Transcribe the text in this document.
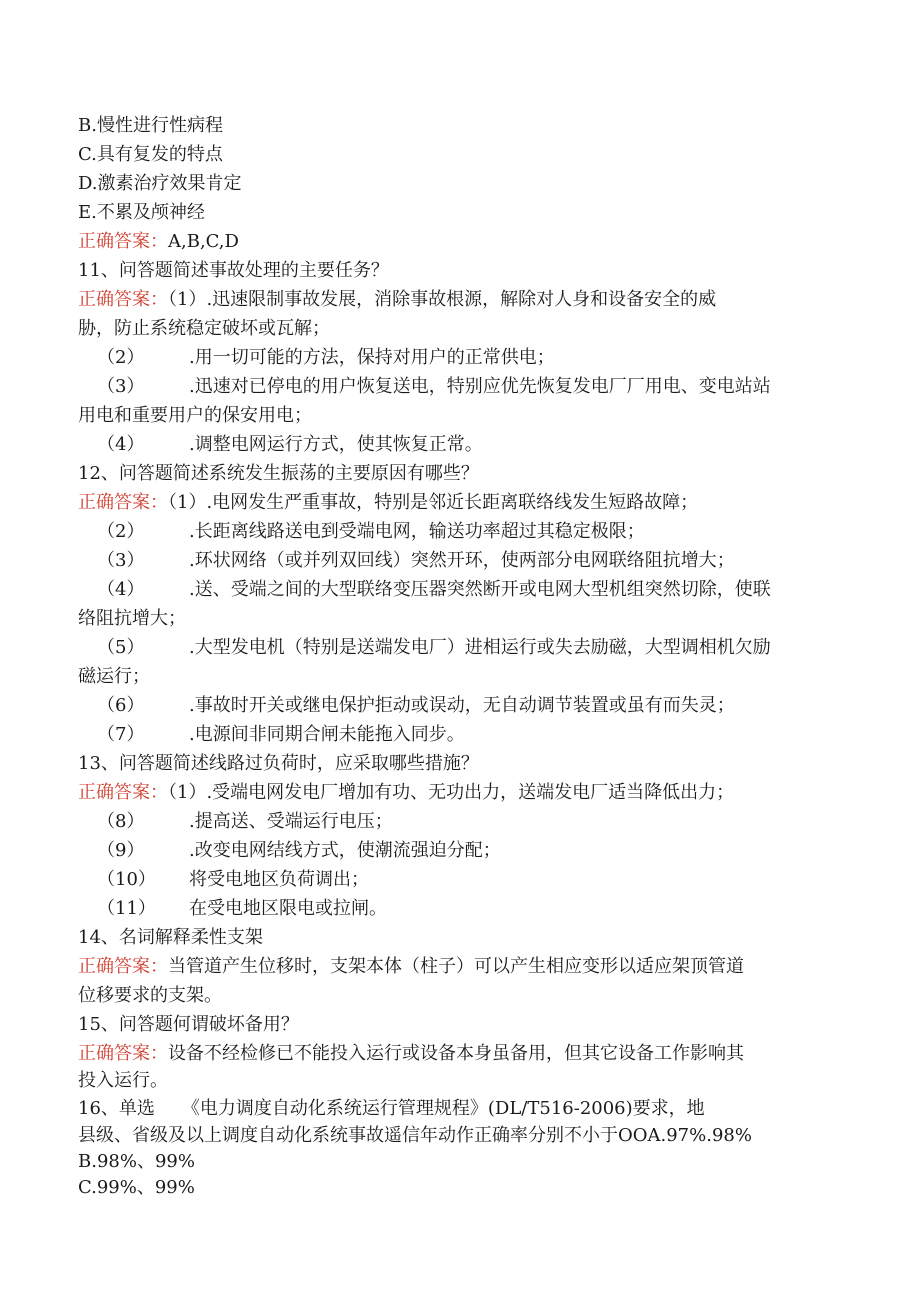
B.慢性进行性病程
C.具有复发的特点
D.激素治疗效果肯定
E.不累及颅神经
正确答案：A,B,C,D
11、问答题简述事故处理的主要任务？
正确答案：（1）.迅速限制事故发展，消除事故根源，解除对人身和设备安全的威
胁，防止系统稳定破坏或瓦解；
（2） .用一切可能的方法，保持对用户的正常供电；
（3） .迅速对已停电的用户恢复送电，特别应优先恢复发电厂厂用电、变电站站
用电和重要用户的保安用电；
（4） .调整电网运行方式，使其恢复正常。
12、问答题简述系统发生振荡的主要原因有哪些？
正确答案：（1）.电网发生严重事故，特别是邻近长距离联络线发生短路故障；
（2） .长距离线路送电到受端电网，输送功率超过其稳定极限；
（3） .环状网络（或并列双回线）突然开环，使两部分电网联络阻抗增大；
（4） .送、受端之间的大型联络变压器突然断开或电网大型机组突然切除，使联
络阻抗增大；
（5） .大型发电机（特别是送端发电厂）进相运行或失去励磁，大型调相机欠励
磁运行；
（6） .事故时开关或继电保护拒动或误动，无自动调节装置或虽有而失灵；
（7） .电源间非同期合闸未能拖入同步。
13、问答题简述线路过负荷时，应采取哪些措施？
正确答案：（1）.受端电网发电厂增加有功、无功出力，送端发电厂适当降低出力；
（8） .提高送、受端运行电压；
（9） .改变电网结线方式，使潮流强迫分配；
（10） 将受电地区负荷调出；
（11） 在受电地区限电或拉闸。
14、名词解释柔性支架
正确答案：当管道产生位移时，支架本体（柱子）可以产生相应变形以适应架顶管道
位移要求的支架。
15、问答题何谓破坏备用？
正确答案：设备不经检修已不能投入运行或设备本身虽备用，但其它设备工作影响其
投入运行。
16、单选　　《电力调度自动化系统运行管理规程》(DL/T516-2006)要求，地
县级、省级及以上调度自动化系统事故遥信年动作正确率分别不小于OOA.97%.98%
B.98%、99%
C.99%、99%
